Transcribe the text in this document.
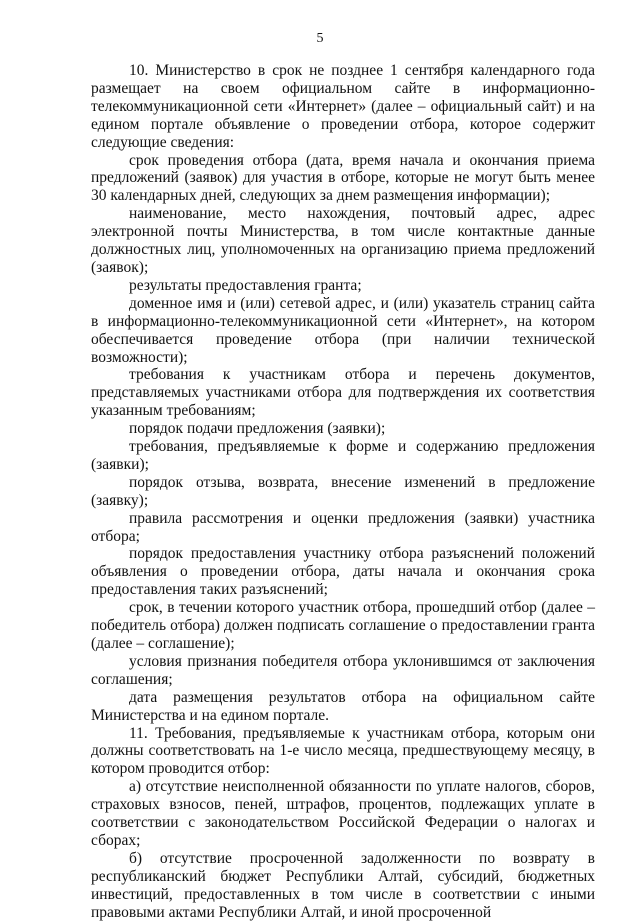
5

10. Министерство в срок не позднее 1 сентября календарного года размещает на своем официальном сайте в информационно-телекоммуникационной сети «Интернет» (далее – официальный сайт) и на едином портале объявление о проведении отбора, которое содержит следующие сведения:

срок проведения отбора (дата, время начала и окончания приема предложений (заявок) для участия в отборе, которые не могут быть менее 30 календарных дней, следующих за днем размещения информации);

наименование, место нахождения, почтовый адрес, адрес электронной почты Министерства, в том числе контактные данные должностных лиц, уполномоченных на организацию приема предложений (заявок);

результаты предоставления гранта;

доменное имя и (или) сетевой адрес, и (или) указатель страниц сайта в информационно-телекоммуникационной сети «Интернет», на котором обеспечивается проведение отбора (при наличии технической возможности);

требования к участникам отбора и перечень документов, представляемых участниками отбора для подтверждения их соответствия указанным требованиям;

порядок подачи предложения (заявки);

требования, предъявляемые к форме и содержанию предложения (заявки);

порядок отзыва, возврата, внесение изменений в предложение (заявку);

правила рассмотрения и оценки предложения (заявки) участника отбора;

порядок предоставления участнику отбора разъяснений положений объявления о проведении отбора, даты начала и окончания срока предоставления таких разъяснений;

срок, в течении которого участник отбора, прошедший отбор (далее – победитель отбора) должен подписать соглашение о предоставлении гранта (далее – соглашение);

условия признания победителя отбора уклонившимся от заключения соглашения;

дата размещения результатов отбора на официальном сайте Министерства и на едином портале.

11. Требования, предъявляемые к участникам отбора, которым они должны соответствовать на 1-е число месяца, предшествующему месяцу, в котором проводится отбор:

а) отсутствие неисполненной обязанности по уплате налогов, сборов, страховых взносов, пеней, штрафов, процентов, подлежащих уплате в соответствии с законодательством Российской Федерации о налогах и сборах;

б) отсутствие просроченной задолженности по возврату в республиканский бюджет Республики Алтай, субсидий, бюджетных инвестиций, предоставленных в том числе в соответствии с иными правовыми актами Республики Алтай, и иной просроченной
